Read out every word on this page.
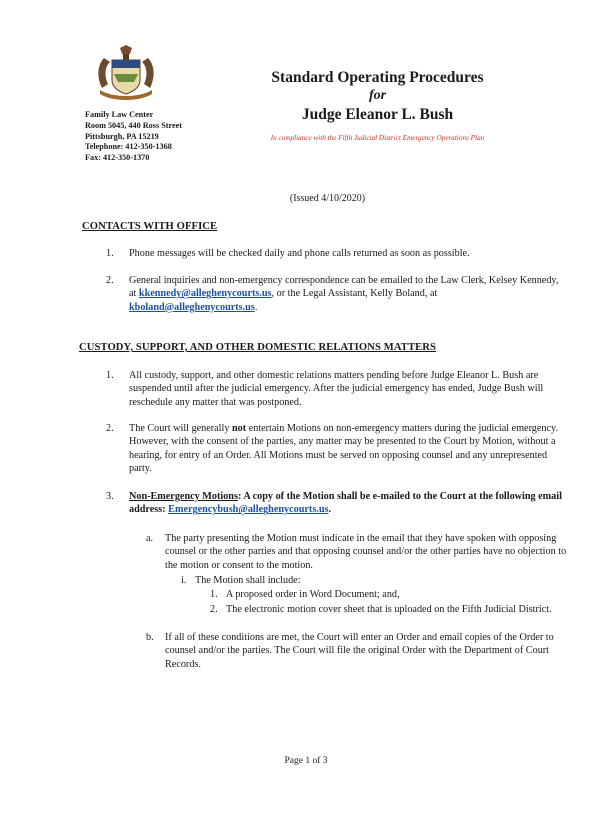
Family Law Center
Room 5045, 440 Ross Street
Pittsburgh, PA 15219
Telephone: 412-350-1368
Fax: 412-350-1370
Standard Operating Procedures
for
Judge Eleanor L. Bush
In compliance with the Fifth Judicial District Emergency Operations Plan
(Issued 4/10/2020)
CONTACTS WITH OFFICE
1. Phone messages will be checked daily and phone calls returned as soon as possible.
2. General inquiries and non-emergency correspondence can be emailed to the Law Clerk, Kelsey Kennedy, at kkennedy@alleghenycourts.us, or the Legal Assistant, Kelly Boland, at kboland@alleghenycourts.us.
CUSTODY, SUPPORT, AND OTHER DOMESTIC RELATIONS MATTERS
1. All custody, support, and other domestic relations matters pending before Judge Eleanor L. Bush are suspended until after the judicial emergency. After the judicial emergency has ended, Judge Bush will reschedule any matter that was postponed.
2. The Court will generally not entertain Motions on non-emergency matters during the judicial emergency. However, with the consent of the parties, any matter may be presented to the Court by Motion, without a hearing, for entry of an Order. All Motions must be served on opposing counsel and any unrepresented party.
3. Non-Emergency Motions: A copy of the Motion shall be e-mailed to the Court at the following email address: Emergencybush@alleghenycourts.us.
a. The party presenting the Motion must indicate in the email that they have spoken with opposing counsel or the other parties and that opposing counsel and/or the other parties have no objection to the motion or consent to the motion.
i. The Motion shall include:
1. A proposed order in Word Document; and,
2. The electronic motion cover sheet that is uploaded on the Fifth Judicial District.
b. If all of these conditions are met, the Court will enter an Order and email copies of the Order to counsel and/or the parties. The Court will file the original Order with the Department of Court Records.
Page 1 of 3
